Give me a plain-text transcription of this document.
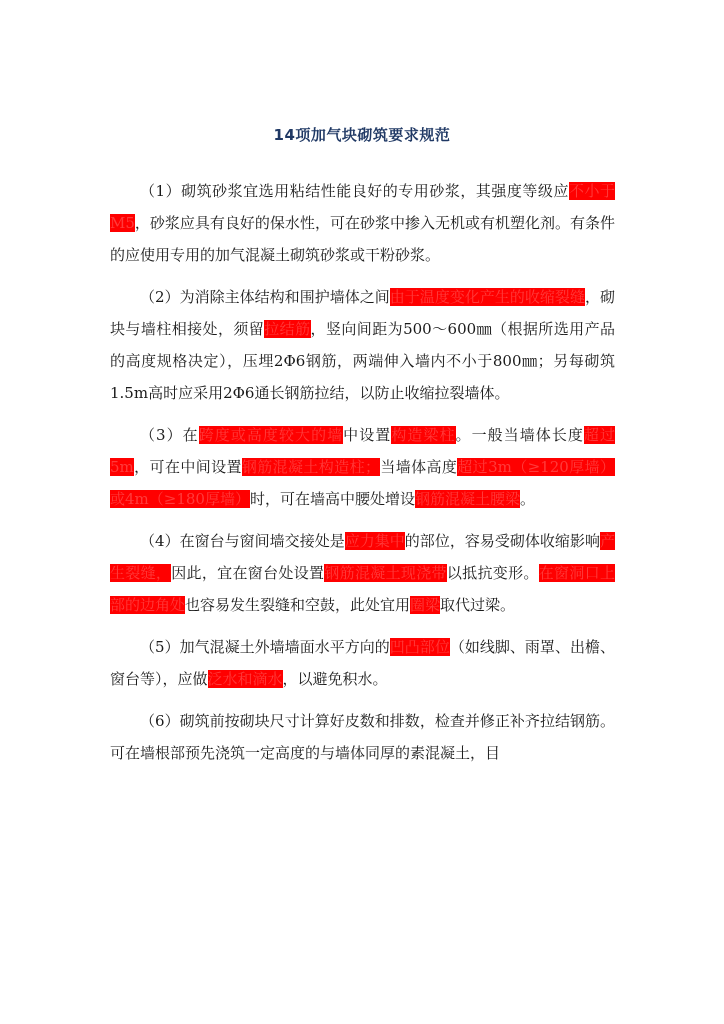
14项加气块砌筑要求规范

（1）砌筑砂浆宜选用粘结性能良好的专用砂浆，其强度等级应不小于M5，砂浆应具有良好的保水性，可在砂浆中掺入无机或有机塑化剂。有条件的应使用专用的加气混凝土砌筑砂浆或干粉砂浆。

（2）为消除主体结构和围护墙体之间由于温度变化产生的收缩裂缝，砌块与墙柱相接处，须留拉结筋，竖向间距为500～600㎜（根据所选用产品的高度规格决定），压埋2Φ6钢筋，两端伸入墙内不小于800㎜；另每砌筑1.5m高时应采用2Φ6通长钢筋拉结，以防止收缩拉裂墙体。

（3）在跨度或高度较大的墙中设置构造梁柱。一般当墙体长度超过5m，可在中间设置钢筋混凝土构造柱；当墙体高度超过3m（≥120厚墙）或4m（≥180厚墙）时，可在墙高中腰处增设钢筋混凝土腰梁。

（4）在窗台与窗间墙交接处是应力集中的部位，容易受砌体收缩影响产生裂缝，因此，宜在窗台处设置钢筋混凝土现浇带以抵抗变形。在窗洞口上部的边角处也容易发生裂缝和空鼓，此处宜用圈梁取代过梁。

（5）加气混凝土外墙墙面水平方向的凹凸部位（如线脚、雨罩、出檐、窗台等），应做泛水和滴水，以避免积水。

（6）砌筑前按砌块尺寸计算好皮数和排数，检查并修正补齐拉结钢筋。可在墙根部预先浇筑一定高度的与墙体同厚的素混凝土，目
